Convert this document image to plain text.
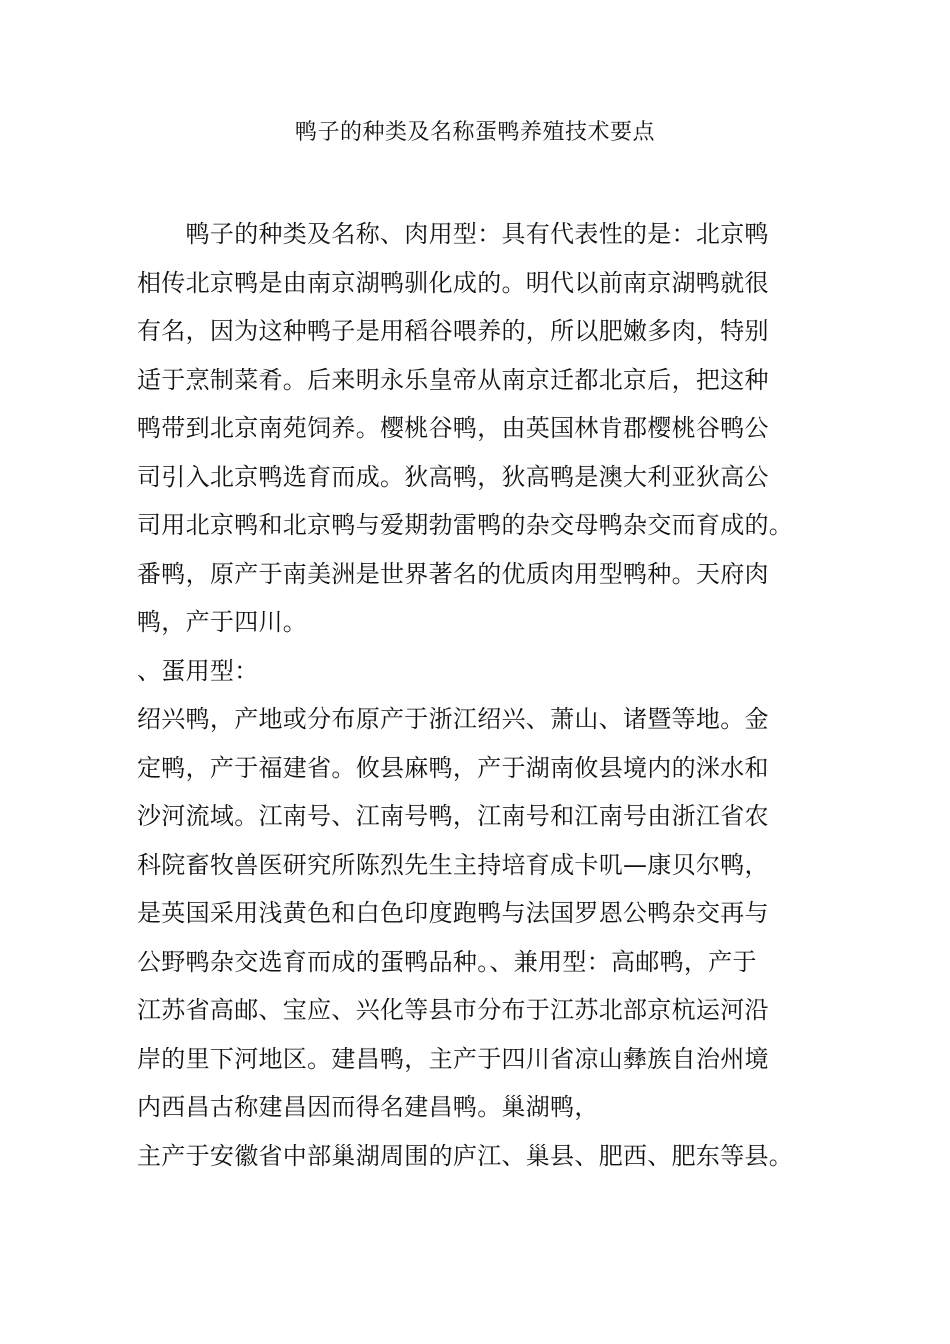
鸭子的种类及名称蛋鸭养殖技术要点
　　鸭子的种类及名称、肉用型：具有代表性的是：北京鸭
相传北京鸭是由南京湖鸭驯化成的。明代以前南京湖鸭就很
有名，因为这种鸭子是用稻谷喂养的，所以肥嫩多肉，特别
适于烹制菜肴。后来明永乐皇帝从南京迁都北京后，把这种
鸭带到北京南苑饲养。樱桃谷鸭，由英国林肯郡樱桃谷鸭公
司引入北京鸭选育而成。狄高鸭，狄高鸭是澳大利亚狄高公
司用北京鸭和北京鸭与爱期勃雷鸭的杂交母鸭杂交而育成的。
番鸭，原产于南美洲是世界著名的优质肉用型鸭种。天府肉
鸭，产于四川。
、蛋用型：
绍兴鸭，产地或分布原产于浙江绍兴、萧山、诸暨等地。金
定鸭，产于福建省。攸县麻鸭，产于湖南攸县境内的洣水和
沙河流域。江南号、江南号鸭，江南号和江南号由浙江省农
科院畜牧兽医研究所陈烈先生主持培育成卡叽—康贝尔鸭，
是英国采用浅黄色和白色印度跑鸭与法国罗恩公鸭杂交再与
公野鸭杂交选育而成的蛋鸭品种。、兼用型：高邮鸭，产于
江苏省高邮、宝应、兴化等县市分布于江苏北部京杭运河沿
岸的里下河地区。建昌鸭，主产于四川省凉山彝族自治州境
内西昌古称建昌因而得名建昌鸭。巢湖鸭，
主产于安徽省中部巢湖周围的庐江、巢县、肥西、肥东等县。
